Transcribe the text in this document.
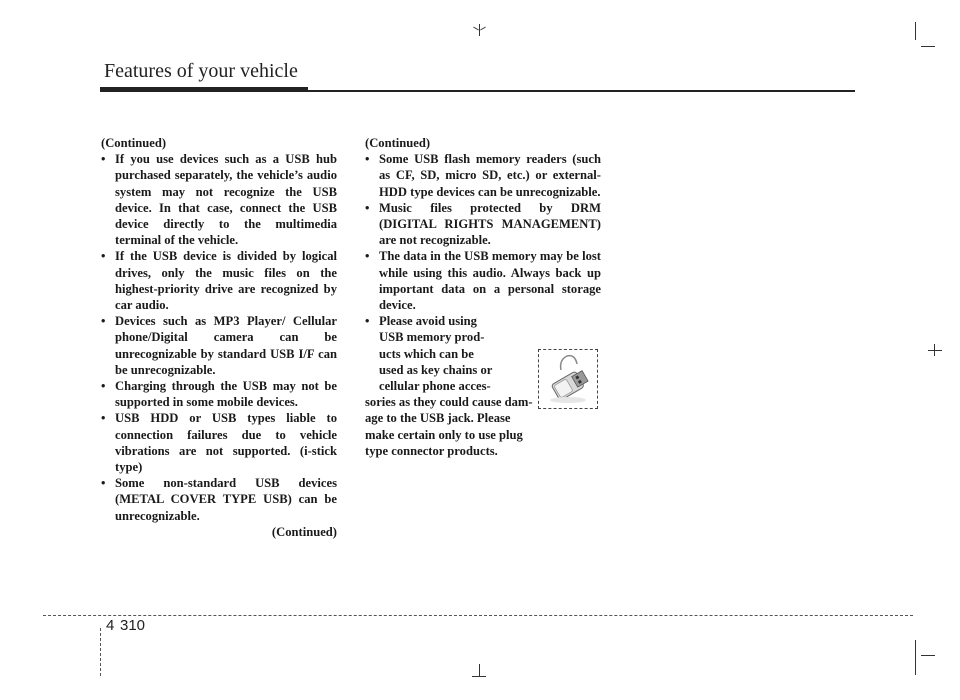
Features of your vehicle

(Continued)

• If you use devices such as a USB hub purchased separately, the vehicle’s audio system may not recognize the USB device. In that case, connect the USB device directly to the multimedia terminal of the vehicle.

• If the USB device is divided by logical drives, only the music files on the highest-priority drive are recognized by car audio.

• Devices such as MP3 Player/ Cellular phone/Digital camera can be unrecognizable by standard USB I/F can be unrecognizable.

• Charging through the USB may not be supported in some mobile devices.

• USB HDD or USB types liable to connection failures due to vehicle vibrations are not supported. (i-stick type)

• Some non-standard USB devices (METAL COVER TYPE USB) can be unrecognizable.

(Continued)

(Continued)

• Some USB flash memory readers (such as CF, SD, micro SD, etc.) or external-HDD type devices can be unrecognizable.

• Music files protected by DRM (DIGITAL RIGHTS MANAGEMENT) are not recognizable.

• The data in the USB memory may be lost while using this audio. Always back up important data on a personal storage device.

• Please avoid using
USB memory prod-
ucts which can be
used as key chains or
cellular phone acces-
sories as they could cause dam-
age to the USB jack. Please
make certain only to use plug
type connector products.
4 310
